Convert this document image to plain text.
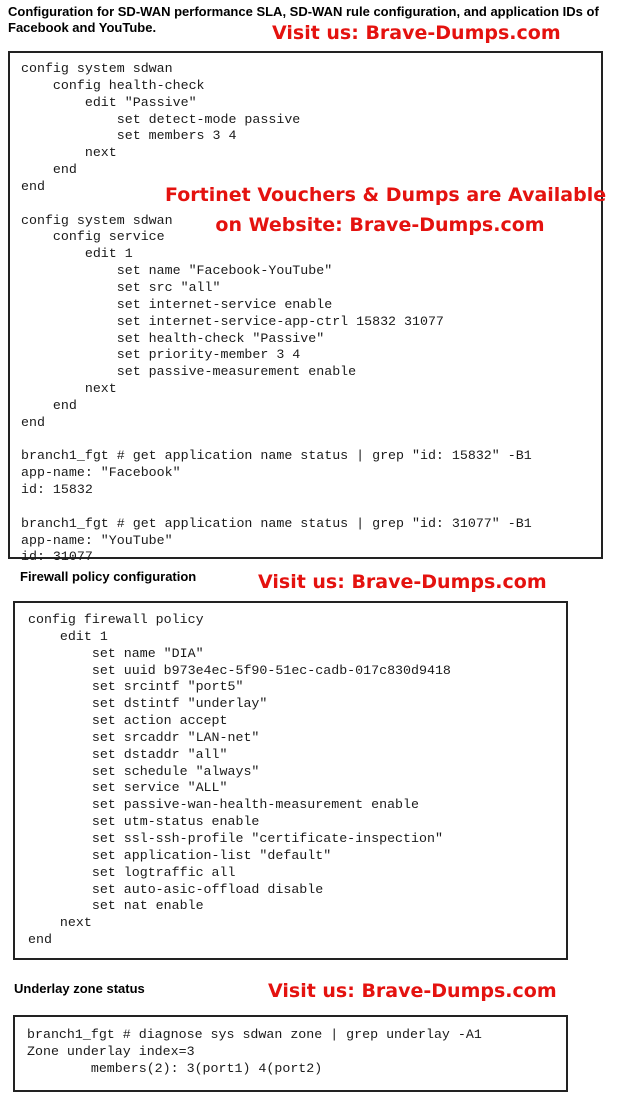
Configuration for SD-WAN performance SLA, SD-WAN rule configuration, and application IDs of

Facebook and YouTube.	Visit us: Brave-Dumps.com

config system sdwan
config health-check
edit "Passive"
set detect-mode passive
set members 3 4
next
end
end

config system sdwan
config service
edit 1
set name "Facebook-YouTube"
set src "all"
set internet-service enable
set internet-service-app-ctrl 15832 31077
set health-check "Passive"
set priority-member 3 4
set passive-measurement enable
next
end
end

branch1_fgt # get application name status | grep "id: 15832" -B1
app-name: "Facebook"
id: 15832

branch1_fgt # get application name status | grep "id: 31077" -B1
app-name: "YouTube"
id: 31077

Fortinet Vouchers & Dumps are Available

on Website: Brave-Dumps.com

Firewall policy configuration	Visit us: Brave-Dumps.com

config firewall policy
edit 1
set name "DIA"
set uuid b973e4ec-5f90-51ec-cadb-017c830d9418
set srcintf "port5"
set dstintf "underlay"
set action accept
set srcaddr "LAN-net"
set dstaddr "all"
set schedule "always"
set service "ALL"
set passive-wan-health-measurement enable
set utm-status enable
set ssl-ssh-profile "certificate-inspection"
set application-list "default"
set logtraffic all
set auto-asic-offload disable
set nat enable
next
end

Underlay zone status	Visit us: Brave-Dumps.com

branch1_fgt # diagnose sys sdwan zone | grep underlay -A1
Zone underlay index=3
members(2): 3(port1) 4(port2)
